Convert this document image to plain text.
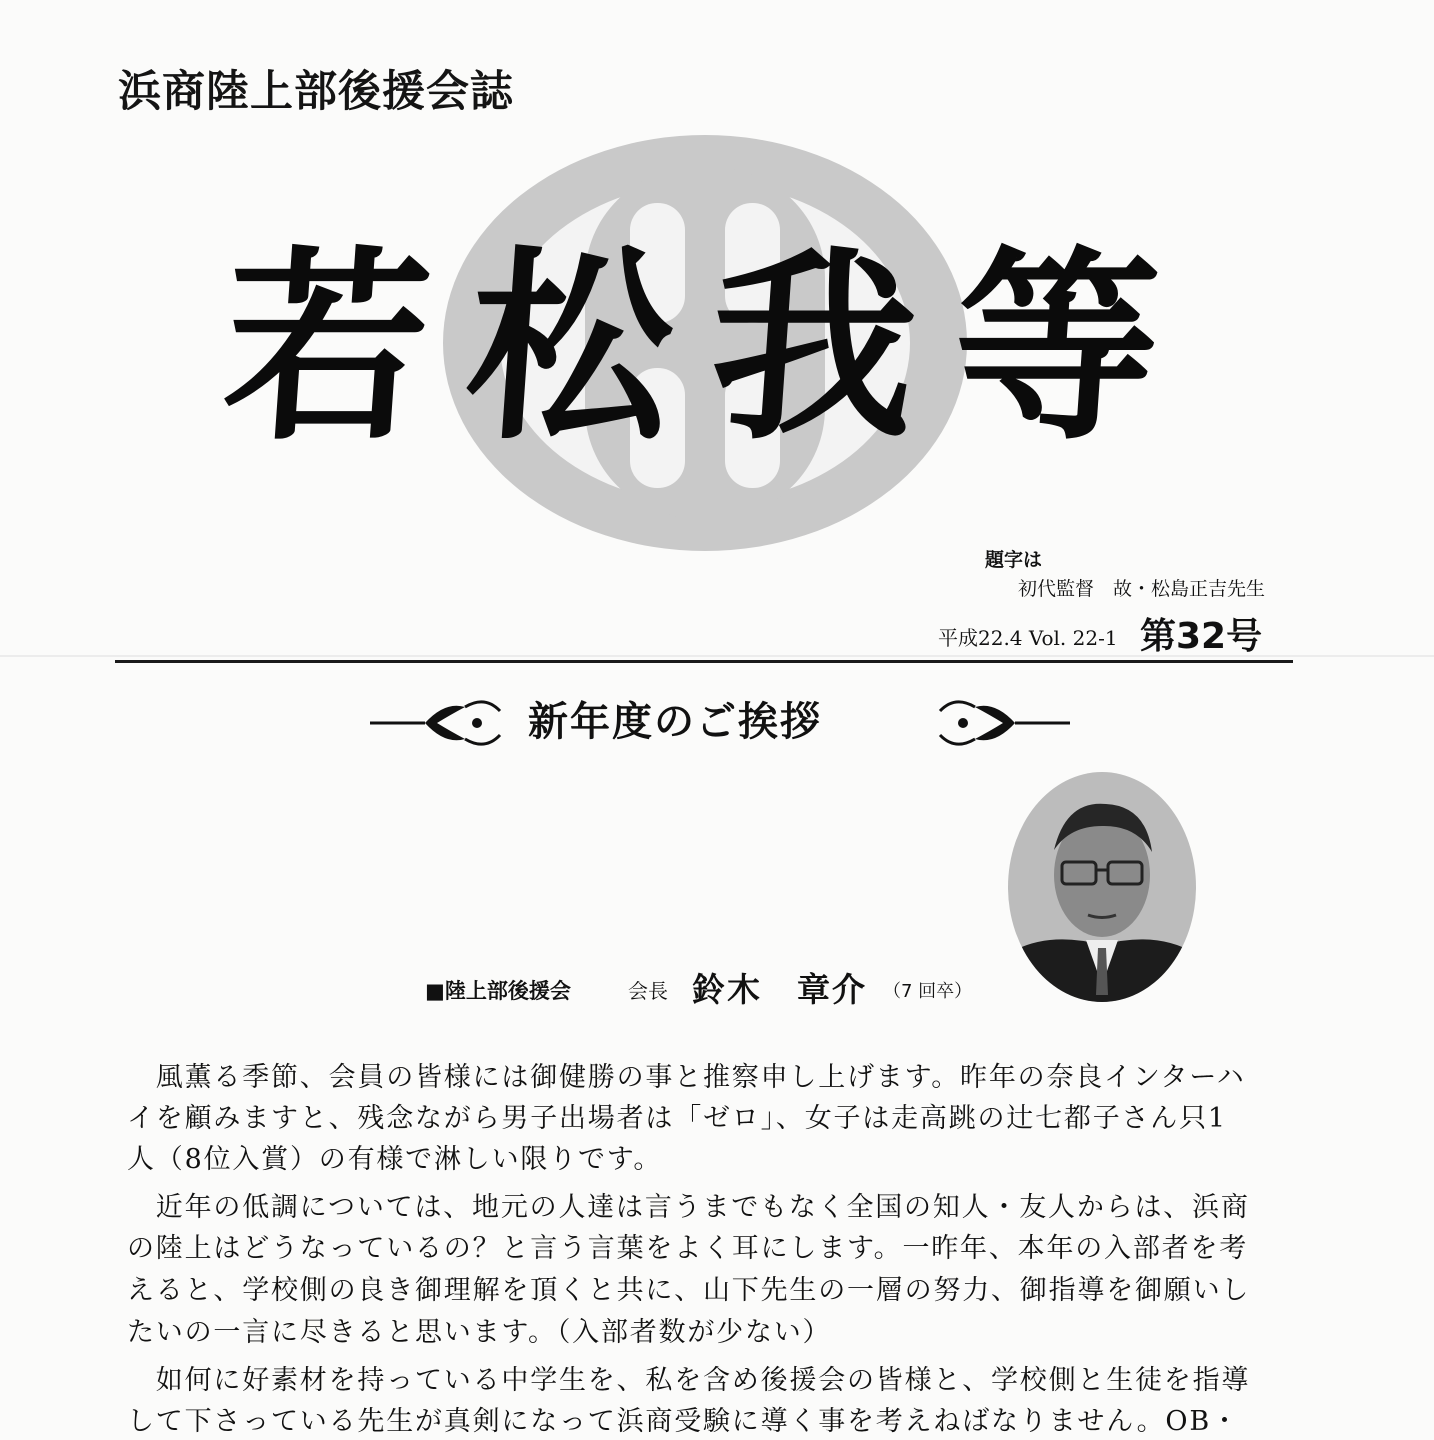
浜商陸上部後援会誌
若松我等
題字は
初代監督　故・松島正吉先生
平成22.4 Vol. 22-1 第32号
新年度のご挨拶
■陸上部後援会	会長 鈴木　章介 （7 回卒）
　風薫る季節、会員の皆様には御健勝の事と推察申し上げます。昨年の奈良インターハ
イを顧みますと、残念ながら男子出場者は「ゼロ」、女子は走高跳の辻七都子さん只1
人（8位入賞）の有様で淋しい限りです。
　近年の低調については、地元の人達は言うまでもなく全国の知人・友人からは、浜商
の陸上はどうなっているの？と言う言葉をよく耳にします。一昨年、本年の入部者を考
えると、学校側の良き御理解を頂くと共に、山下先生の一層の努力、御指導を御願いし
たいの一言に尽きると思います。（入部者数が少ない）
　如何に好素材を持っている中学生を、私を含め後援会の皆様と、学校側と生徒を指導
して下さっている先生が真剣になって浜商受験に導く事を考えねばなりません。OB・
